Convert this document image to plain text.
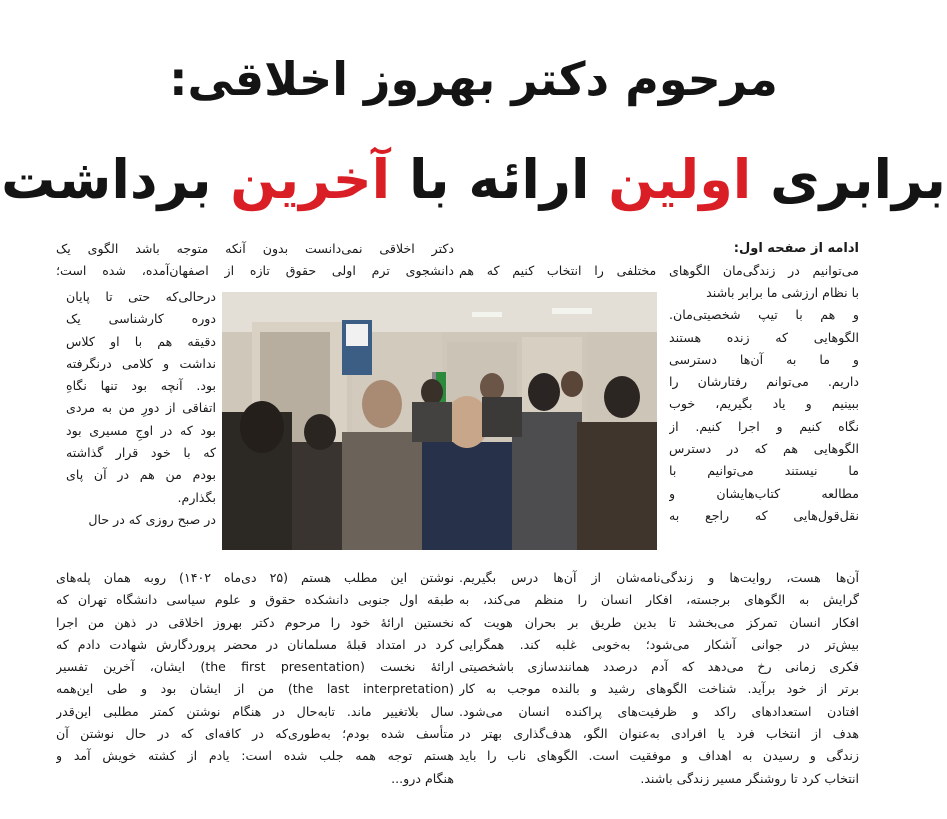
مرحوم دکتر بهروز اخلاقی:
برابری اولین ارائه با آخرین برداشت
ادامه از صفحه اول:
می‌توانیم در زندگی‌مان الگوهای مختلفی را انتخاب کنیم که هم
با نظام ارزشی ما برابر باشند
و هم با تیپ شخصیتی‌مان.
الگوهایی که زنده هستند
و ما به آن‌ها دسترسی
داریم. می‌توانم رفتارشان را
ببینیم و یاد بگیریم، خوب
نگاه کنیم و اجرا کنیم. از
الگوهایی هم که در دسترس
ما نیستند می‌توانیم با
مطالعه کتاب‌هایشان و
نقل‌قول‌هایی که راجع به
آن‌ها هست، روایت‌ها و زندگی‌نامه‌شان از آن‌ها درس بگیریم.
گرایش به الگوهای برجسته، افکار انسان را منظم می‌کند، به
افکار انسان تمرکز می‌بخشد تا بدین طریق بر بحران هویت که
بیش‌تر در جوانی آشکار می‌شود؛ به‌خوبی غلبه کند. همگرایی
فکری زمانی رخ می‌دهد که آدم درصدد همانندسازی باشخصیتی
برتر از خود برآید. شناخت الگوهای رشید و بالنده موجب به کار
افتادن استعدادهای راکد و ظرفیت‌های پراکنده انسان می‌شود.
هدف از انتخاب فرد یا افرادی به‌عنوان الگو، هدف‌گذاری بهتر در
زندگی و رسیدن به اهداف و موفقیت است. الگوهای ناب را باید
انتخاب کرد تا روشنگر مسیر زندگی باشند.
دکتر اخلاقی نمی‌دانست بدون آنکه متوجه باشد الگوی یک
دانشجوی ترم اولی حقوق تازه از اصفهان‌آمده، شده است؛
درحالی‌که حتی تا پایان
دوره کارشناسی یک
دقیقه هم با او کلاس
نداشت و کلامی درنگرفته
بود. آنچه بود تنها نگاهِ
اتفاقی از دورِ من به مردی
بود که در اوجِ مسیری بود
که با خود قرار گذاشته
بودم من هم در آن پای
بگذارم.
در صبح روزی که در حال
نوشتن این مطلب هستم (۲۵ دی‌ماه ۱۴۰۲) روبه همان پله‌های
طبقه اول جنوبی دانشکده حقوق و علوم سیاسی دانشگاه تهران که
نخستین ارائهٔ خود را مرحوم دکتر بهروز اخلاقی در ذهن من اجرا
کرد در امتداد قبلهٔ مسلمانان در محضر پروردگارش شهادت دادم که
ارائهٔ نخست (the first presentation) ایشان، آخرین تفسیر
(the last interpretation) من از ایشان بود و طی این‌همه
سال بلاتغییر ماند. تابه‌حال در هنگام نوشتن کمتر مطلبی این‌قدر
متأسف شده بودم؛ به‌طوری‌که در کافه‌ای که در حال نوشتن آن
هستم توجه همه جلب شده است: یادم از کشته خویش آمد و
هنگام درو...
